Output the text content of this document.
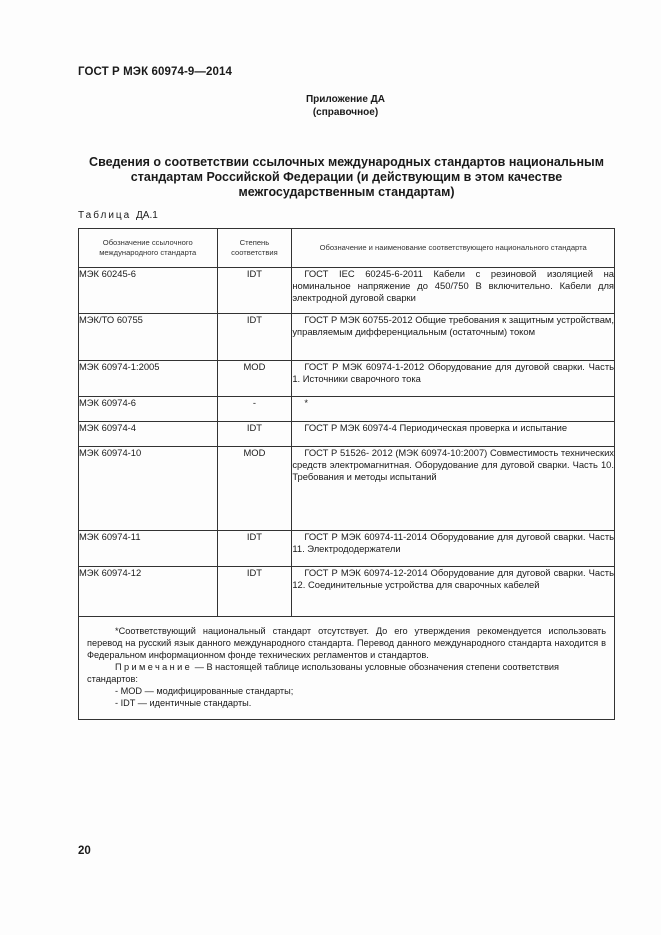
ГОСТ Р МЭК 60974-9—2014
Приложение ДА
(справочное)
Сведения о соответствии ссылочных международных стандартов национальным стандартам Российской Федерации (и действующим в этом качестве межгосударственным стандартам)
Таблица ДА.1
Обозначение ссылочного международного стандарта	Степень соответствия	Обозначение и наименование соответствующего национального стандарта
МЭК 60245-6	IDT	ГОСТ IEC 60245-6-2011 Кабели с резиновой изоляцией на номинальное напряжение до 450/750 В включительно. Кабели для электродной дуговой сварки
МЭК/ТО 60755	IDT	ГОСТ Р МЭК 60755-2012 Общие требования к защитным устройствам, управляемым дифференциальным (остаточным) током
МЭК 60974-1:2005	MOD	ГОСТ Р МЭК 60974-1-2012 Оборудование для дуговой сварки. Часть 1. Источники сварочного тока
МЭК 60974-6	-	*
МЭК 60974-4	IDT	ГОСТ Р МЭК 60974-4 Периодическая проверка и испытание
МЭК 60974-10	MOD	ГОСТ Р 51526- 2012 (МЭК 60974-10:2007) Совместимость технических средств электромагнитная. Оборудование для дуговой сварки. Часть 10. Требования и методы испытаний
МЭК 60974-11	IDT	ГОСТ Р МЭК 60974-11-2014 Оборудование для дуговой сварки. Часть 11. Электрододержатели
МЭК 60974-12	IDT	ГОСТ Р МЭК 60974-12-2014 Оборудование для дуговой сварки. Часть 12. Соединительные устройства для сварочных кабелей

*Соответствующий национальный стандарт отсутствует. До его утверждения рекомендуется использовать перевод на русский язык данного международного стандарта. Перевод данного международного стандарта находится в Федеральном информационном фонде технических регламентов и стандартов.

Примечание — В настоящей таблице использованы условные обозначения степени соответствия стандартов:

- MOD — модифицированные стандарты;

- IDT — идентичные стандарты.		

20
